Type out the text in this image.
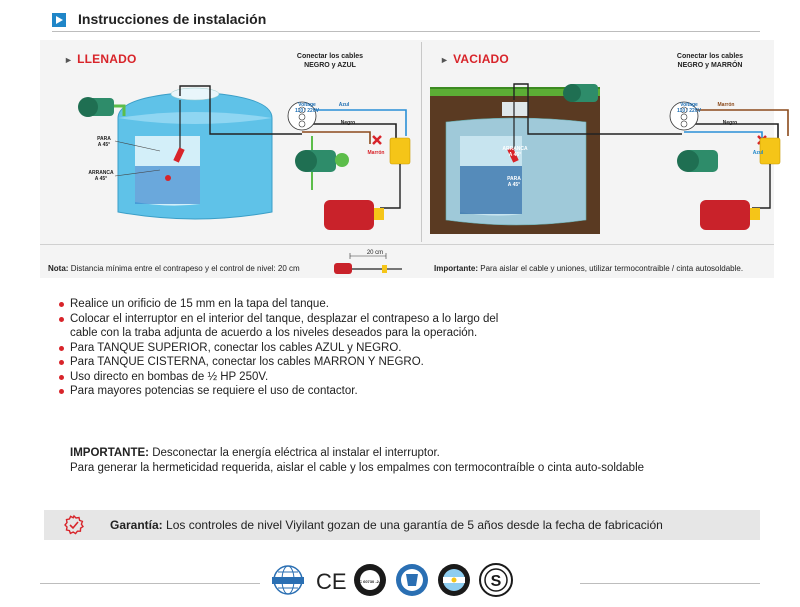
Instrucciones de instalación
► LLENADO	Conectar los cables
NEGRO y AZUL
Voltage
110 / 220V
Azul
Negro
Marrón
PARA
A 45°
ARRANCA
A 45°
Nota: Distancia mínima entre el contrapeso y el control de nivel: 20 cm
20 cm
► VACIADO	Conectar los cables
NEGRO y MARRÓN
Voltage
110 / 220V
Marrón
Negro
Azul
ARRANCA
A 45°
PARA
A 45°
Importante: Para aislar el cable y uniones, utilizar termocontraible / cinta autosoldable.
Realice un orificio de 15 mm en la tapa del tanque.
Colocar el interruptor en el interior del tanque, desplazar el contrapeso a lo largo del
cable con la traba adjunta de acuerdo a los niveles deseados para la operación.
Para TANQUE SUPERIOR, conectar los cables AZUL y NEGRO.
Para TANQUE CISTERNA, conectar los cables MARRON Y NEGRO.
Uso directo en bombas de ½ HP 250V.
Para mayores potencias se requiere el uso de contactor.
IMPORTANTE: Desconectar la energía eléctrica al instalar el interruptor.
Para generar la hermeticidad requerida, aislar el cable y los empalmes con termocontraíble o cinta auto-soldable
Garantía: Los controles de nivel Viyilant gozan de una garantía de 5 años desde la fecha de fabricación
CE IEC 60730 -2-15	S
